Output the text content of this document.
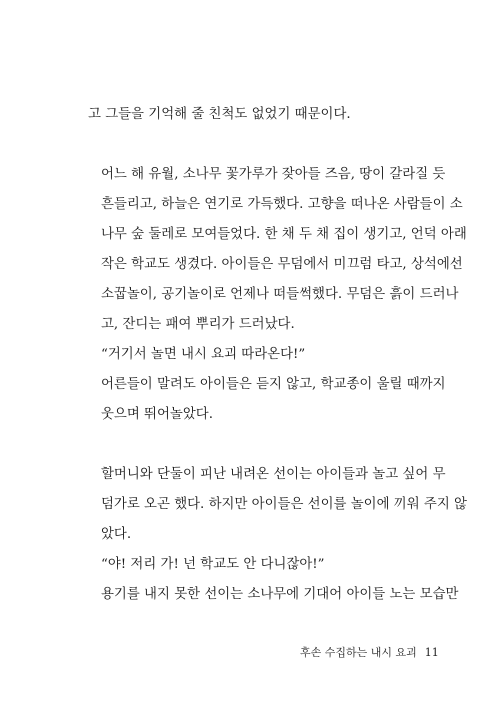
고 그들을 기억해 줄 친척도 없었기 때문이다.

어느 해 유월, 소나무 꽃가루가 잦아들 즈음, 땅이 갈라질 듯
흔들리고, 하늘은 연기로 가득했다. 고향을 떠나온 사람들이 소
나무 숲 둘레로 모여들었다. 한 채 두 채 집이 생기고, 언덕 아래
작은 학교도 생겼다. 아이들은 무덤에서 미끄럼 타고, 상석에선
소꿉놀이, 공기놀이로 언제나 떠들썩했다. 무덤은 흙이 드러나
고, 잔디는 패여 뿌리가 드러났다.

“거기서 놀면 내시 요괴 따라온다!”

어른들이 말려도 아이들은 듣지 않고, 학교종이 울릴 때까지
웃으며 뛰어놀았다.

할머니와 단둘이 피난 내려온 선이는 아이들과 놀고 싶어 무
덤가로 오곤 했다. 하지만 아이들은 선이를 놀이에 끼워 주지 않
았다.

“야! 저리 가! 넌 학교도 안 다니잖아!”

용기를 내지 못한 선이는 소나무에 기대어 아이들 노는 모습만

후손 수집하는 내시 요괴 11
